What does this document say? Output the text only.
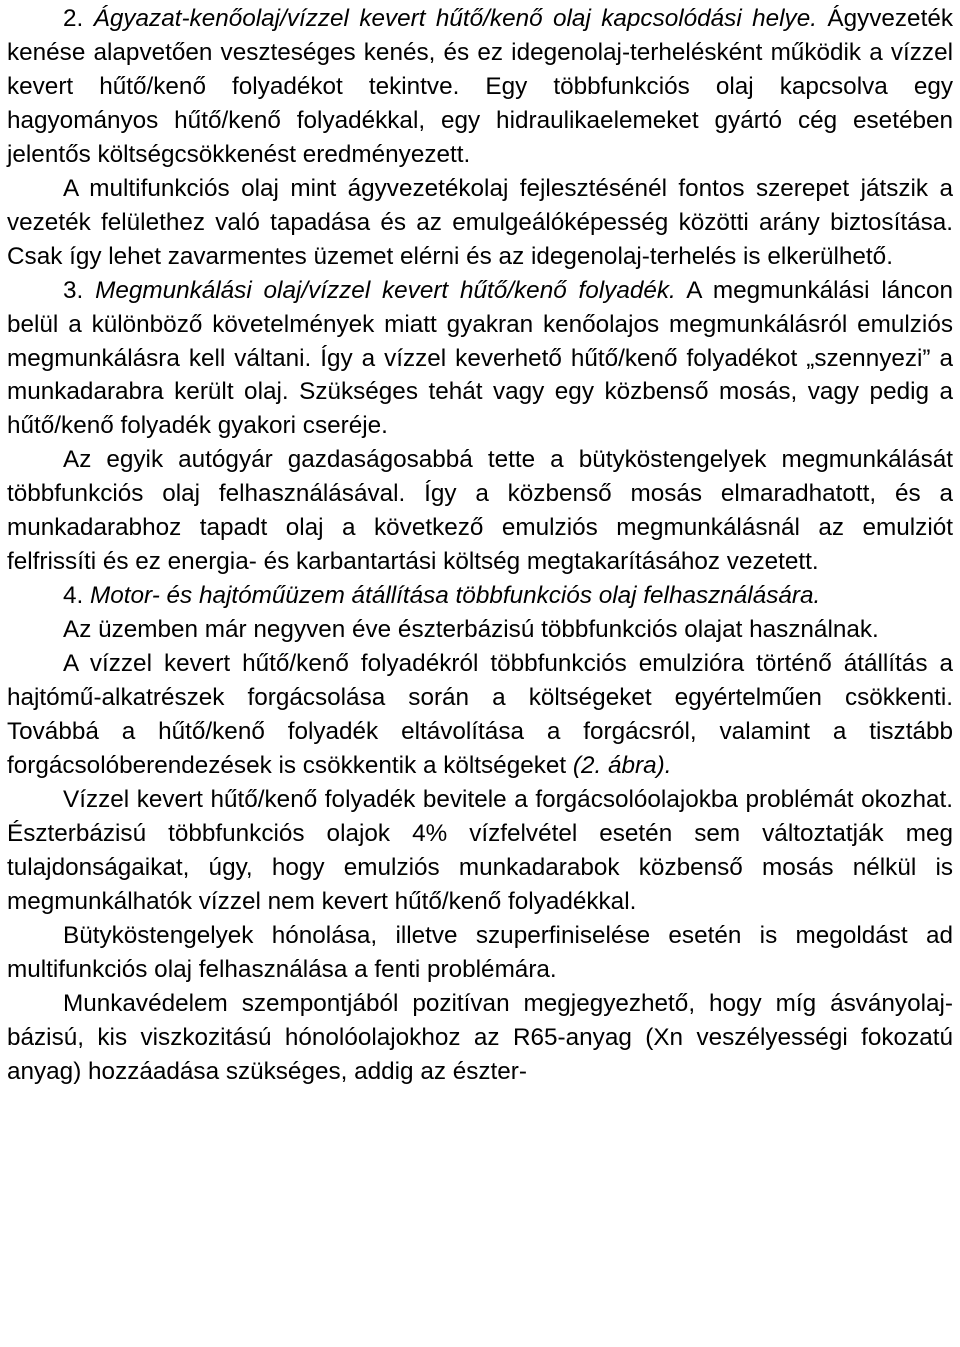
2. Ágyazat-kenőolaj/vízzel kevert hűtő/kenő olaj kapcsolódási helye. Ágyvezeték kenése alapvetően veszteséges kenés, és ez idegenolaj-terhelésként működik a vízzel kevert hűtő/kenő folyadékot tekintve. Egy többfunkciós olaj kapcsolva egy hagyományos hűtő/kenő folyadékkal, egy hidraulikaelemeket gyártó cég esetében jelentős költségcsökkenést eredményezett.

A multifunkciós olaj mint ágyvezetékolaj fejlesztésénél fontos szerepet játszik a vezeték felülethez való tapadása és az emulgeálóképesség közötti arány biztosítása. Csak így lehet zavarmentes üzemet elérni és az idegenolaj-terhelés is elkerülhető.

3. Megmunkálási olaj/vízzel kevert hűtő/kenő folyadék. A megmunkálási láncon belül a különböző követelmények miatt gyakran kenőolajos megmunkálásról emulziós megmunkálásra kell váltani. Így a vízzel keverhető hűtő/kenő folyadékot „szennyezi” a munkadarabra került olaj. Szükséges tehát vagy egy közbenső mosás, vagy pedig a hűtő/kenő folyadék gyakori cseréje.

Az egyik autógyár gazdaságosabbá tette a bütyköstengelyek megmunkálását többfunkciós olaj felhasználásával. Így a közbenső mosás elmaradhatott, és a munkadarabhoz tapadt olaj a következő emulziós megmunkálásnál az emulziót felfrissíti és ez energia- és karbantartási költség megtakarításához vezetett.

4. Motor- és hajtóműüzem átállítása többfunkciós olaj felhasználására.

Az üzemben már negyven éve észterbázisú többfunkciós olajat használnak.

A vízzel kevert hűtő/kenő folyadékról többfunkciós emulzióra történő átállítás a hajtómű-alkatrészek forgácsolása során a költségeket egyértelműen csökkenti. Továbbá a hűtő/kenő folyadék eltávolítása a forgácsról, valamint a tisztább forgácsolóberendezések is csökkentik a költségeket (2. ábra).

Vízzel kevert hűtő/kenő folyadék bevitele a forgácsolóolajokba problémát okozhat. Észterbázisú többfunkciós olajok 4% vízfelvétel esetén sem változtatják meg tulajdonságaikat, úgy, hogy emulziós munkadarabok közbenső mosás nélkül is megmunkálhatók vízzel nem kevert hűtő/kenő folyadékkal.

Bütyköstengelyek hónolása, illetve szuperfiniselése esetén is megoldást ad multifunkciós olaj felhasználása a fenti problémára.

Munkavédelem szempontjából pozitívan megjegyezhető, hogy míg ásványolaj-bázisú, kis viszkozitású hónolóolajokhoz az R65-anyag (Xn veszélyességi fokozatú anyag) hozzáadása szükséges, addig az észter-
